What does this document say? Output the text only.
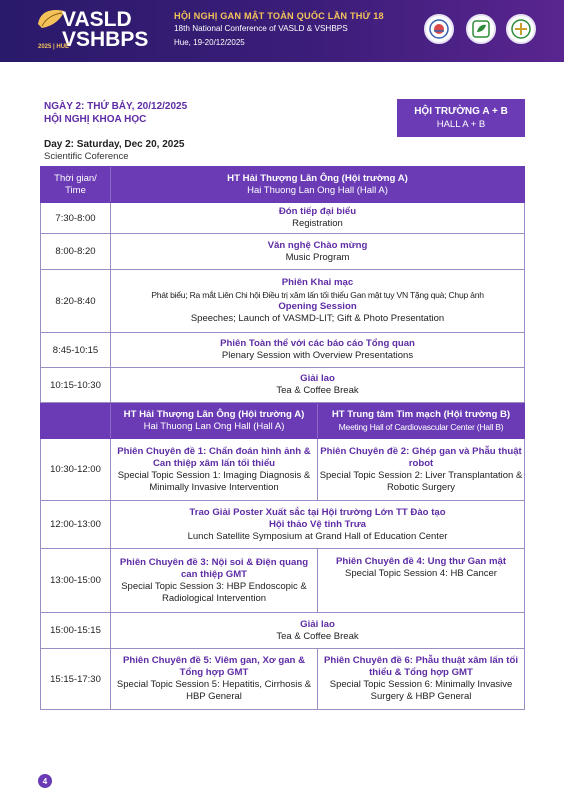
VASLD
VSHBPS
2025 | HUE
HỘI NGHỊ GAN MẬT TOÀN QUỐC LẦN THỨ 18
18th National Conference of VASLD & VSHBPS
Hue, 19-20/12/2025
NGÀY 2: THỨ BẢY, 20/12/2025
HỘI NGHỊ KHOA HỌC
HỘI TRƯỜNG A + B
HALL A + B
Day 2: Saturday, Dec 20, 2025
Scientific Coference
Thời gian/
Time
HT Hải Thượng Lãn Ông (Hội trường A)
Hai Thuong Lan Ong Hall (Hall A)
7:30-8:00
Đón tiếp đại biểu
Registration
8:00-8:20
Văn nghệ Chào mừng
Music Program
8:20-8:40
Phiên Khai mạc
Phát biểu; Ra mắt Liên Chi hội Điều trị xâm lấn tối thiểu Gan mật tụy VN Tặng quà; Chụp ảnh
Opening Session
Speeches; Launch of VASMD-LIT; Gift & Photo Presentation
8:45-10:15
Phiên Toàn thể với các báo cáo Tổng quan
Plenary Session with Overview Presentations
10:15-10:30
Giải lao
Tea & Coffee Break
HT Hải Thượng Lãn Ông (Hội trường A)
Hai Thuong Lan Ong Hall (Hall A)
HT Trung tâm Tim mạch (Hội trường B)
Meeting Hall of Cardiovascular Center (Hall B)
10:30-12:00
Phiên Chuyên đề 1: Chẩn đoán hình ảnh & Can thiệp xâm lấn tối thiểu
Special Topic Session 1: Imaging Diagnosis & Minimally Invasive Intervention
Phiên Chuyên đề 2: Ghép gan và Phẫu thuật robot
Special Topic Session 2: Liver Transplantation & Robotic Surgery
12:00-13:00
Trao Giải Poster Xuất sắc tại Hội trường Lớn TT Đào tạo
Hội thảo Vệ tinh Trưa
Lunch Satellite Symposium at Grand Hall of Education Center
13:00-15:00
Phiên Chuyên đề 3: Nội soi & Điện quang can thiệp GMT
Special Topic Session 3: HBP Endoscopic & Radiological Intervention
Phiên Chuyên đề 4: Ung thư Gan mật
Special Topic Session 4: HB Cancer
15:00-15:15
Giải lao
Tea & Coffee Break
15:15-17:30
Phiên Chuyên đề 5: Viêm gan, Xơ gan & Tổng hợp GMT
Special Topic Session 5: Hepatitis, Cirrhosis & HBP General
Phiên Chuyên đề 6: Phẫu thuật xâm lấn tối thiểu & Tổng hợp GMT
Special Topic Session 6: Minimally Invasive Surgery & HBP General
4
